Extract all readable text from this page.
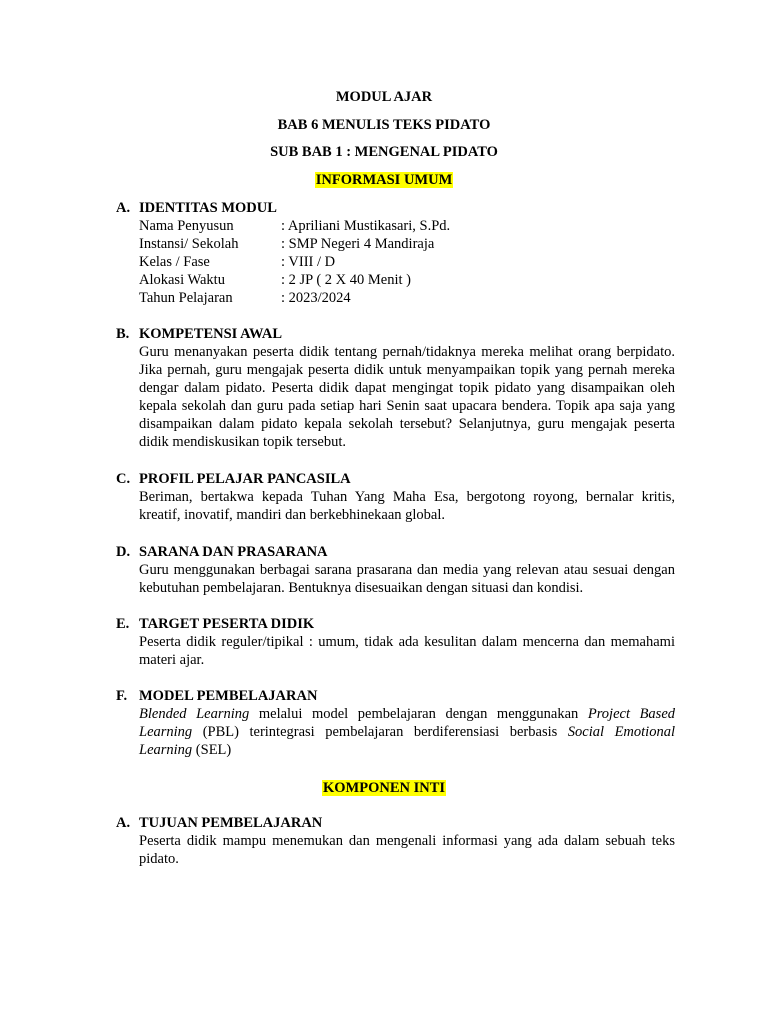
MODUL AJAR
BAB 6 MENULIS TEKS PIDATO
SUB BAB 1 : MENGENAL PIDATO
INFORMASI UMUM
A. IDENTITAS MODUL
Nama Penyusun	: Apriliani Mustikasari, S.Pd.
Instansi/ Sekolah	: SMP Negeri 4 Mandiraja
Kelas / Fase	: VIII / D
Alokasi Waktu	: 2 JP ( 2 X 40 Menit )
Tahun Pelajaran	: 2023/2024
B. KOMPETENSI AWAL
Guru menanyakan peserta didik tentang pernah/tidaknya mereka melihat orang berpidato. Jika pernah, guru mengajak peserta didik untuk menyampaikan topik yang pernah mereka dengar dalam pidato. Peserta didik dapat mengingat topik pidato yang disampaikan oleh kepala sekolah dan guru pada setiap hari Senin saat upacara bendera. Topik apa saja yang disampaikan dalam pidato kepala sekolah tersebut? Selanjutnya, guru mengajak peserta didik mendiskusikan topik tersebut.
C. PROFIL PELAJAR PANCASILA
Beriman, bertakwa kepada Tuhan Yang Maha Esa, bergotong royong, bernalar kritis, kreatif, inovatif, mandiri dan berkebhinekaan global.
D. SARANA DAN PRASARANA
Guru menggunakan berbagai sarana prasarana dan media yang relevan atau sesuai dengan kebutuhan pembelajaran. Bentuknya disesuaikan dengan situasi dan kondisi.
E. TARGET PESERTA DIDIK
Peserta didik reguler/tipikal : umum, tidak ada kesulitan dalam mencerna dan memahami materi ajar.
F. MODEL PEMBELAJARAN
Blended Learning melalui model pembelajaran dengan menggunakan Project Based Learning (PBL) terintegrasi pembelajaran berdiferensiasi berbasis Social Emotional Learning (SEL)
KOMPONEN INTI
A. TUJUAN PEMBELAJARAN
Peserta didik mampu menemukan dan mengenali informasi yang ada dalam sebuah teks pidato.
